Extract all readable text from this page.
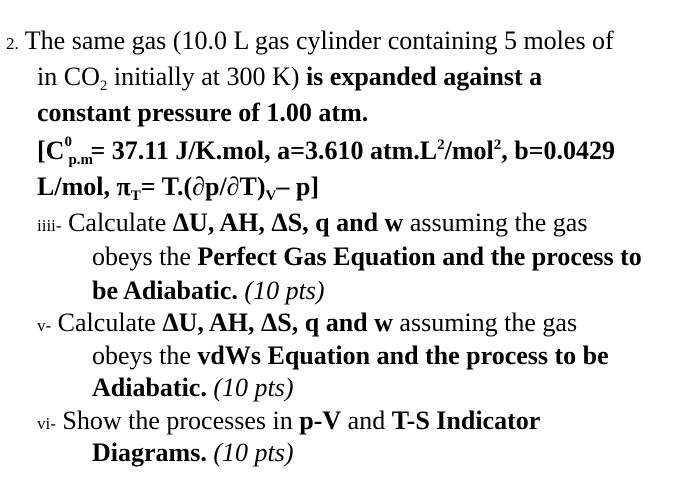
2. The same gas (10.0 L gas cylinder containing 5 moles of
in $CO_2$ initially at 300 K) is expanded against a
constant pressure of 1.00 atm.
[C 0
p.m
= 37.11 J/K.mol, a=3.610 $atm.L^2/mol^2$, b=0.0429
L/mol, $\pi_T= T.(\partial p/\partial T)_V-$ p]
iiii- Calculate ΔU, AH, ΔS, q and w assuming the gas
obeys the Perfect Gas Equation and the process to
be Adiabatic. (10 pts)
v- Calculate ΔU, AH, ΔS, q and w assuming the gas
obeys the vdWs Equation and the process to be
Adiabatic. (10 pts)
vi- Show the processes in p-V and T-S Indicator
Diagrams. (10 pts)
